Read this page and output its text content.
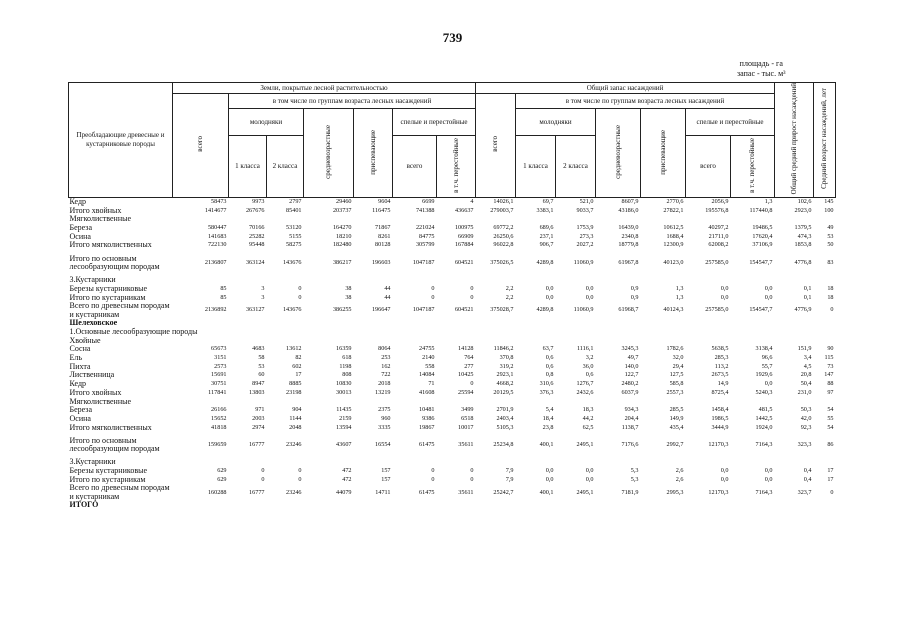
739
площадь - га
запас - тыс. м³
Преобладающие древесные и кустарниковые породы	Земли, покрытые лесной растительностью							Общий запас насаждений							Общий средний прирост насаждений	Средний возраст насаждений, лет
	всего	в том числе по группам возраста лесных насаждений						всего	в том числе по группам возраста лесных насаждений							
		молодняки		средневозрастные	приспевающие	спелые и перестойные			молодняки		средневозрастные	приспевающие	спелые и перестойные			
		1 класса	2 класса			всего	в т.ч. перестойные		1 класса	2 класса			всего	в т.ч. перестойные		
Кедр	58473	9973	2797	29460	9604	6699	4	14026,1	69,7	521,0	8607,9	2770,6	2056,9	1,3	102,6	145
Итого хвойных	1414677	267676	85401	203737	116475	741388	436637	279003,7	3383,1	9033,7	43186,0	27822,1	195576,8	117440,8	2923,0	100
Мягколиственные																
Береза	580447	70166	53120	164270	71867	221024	100975	69772,2	689,6	1753,9	16439,0	10612,5	40297,2	19486,5	1379,5	49
Осина	141683	25282	5155	18210	8261	84775	66909	26250,6	237,1	273,3	2340,8	1688,4	21711,0	17620,4	474,3	53
Итого мягколиственных	722130	95448	58275	182480	80128	305799	167884	96022,8	906,7	2027,2	18779,8	12300,9	62008,2	37106,9	1853,8	50
Итого по основным лесообразующим породам	2136807	363124	143676	386217	196603	1047187	604521	375026,5	4289,8	11060,9	61967,8	40123,0	257585,0	154547,7	4776,8	83
3.Кустарники																
Березы кустарниковые	85	3	0	38	44	0	0	2,2	0,0	0,0	0,9	1,3	0,0	0,0	0,1	18
Итого по кустарникам	85	3	0	38	44	0	0	2,2	0,0	0,0	0,9	1,3	0,0	0,0	0,1	18
Всего по древесным породам и кустарникам	2136892	363127	143676	386255	196647	1047187	604521	375028,7	4289,8	11060,9	61968,7	40124,3	257585,0	154547,7	4776,9	0
Шелеховское																
1.Основные лесообразующие породы																
Хвойные																
Сосна	65673	4683	13612	16359	8064	24755	14128	11846,2	63,7	1116,1	3245,3	1782,6	5638,5	3138,4	151,9	90
Ель	3151	58	82	618	253	2140	764	370,8	0,6	3,2	49,7	32,0	285,3	96,6	3,4	115
Пихта	2573	53	602	1198	162	558	277	319,2	0,6	36,0	140,0	29,4	113,2	55,7	4,5	73
Лиственница	15691	60	17	808	722	14084	10425	2923,1	0,8	0,6	122,7	127,5	2673,5	1929,6	20,8	147
Кедр	30751	8947	8885	10830	2018	71	0	4668,2	310,6	1276,7	2480,2	585,8	14,9	0,0	50,4	88
Итого хвойных	117841	13803	23198	30013	13219	41608	25594	20129,5	376,3	2432,6	6037,9	2557,3	8725,4	5240,3	231,0	97
Мягколиственные																
Береза	26166	971	904	11435	2375	10481	3499	2701,9	5,4	18,3	934,3	285,5	1458,4	481,5	50,3	54
Осина	15652	2003	1144	2159	960	9386	6518	2403,4	18,4	44,2	204,4	149,9	1986,5	1442,5	42,0	55
Итого мягколиственных	41818	2974	2048	13594	3335	19867	10017	5105,3	23,8	62,5	1138,7	435,4	3444,9	1924,0	92,3	54
Итого по основным лесообразующим породам	159659	16777	23246	43607	16554	61475	35611	25234,8	400,1	2495,1	7176,6	2992,7	12170,3	7164,3	323,3	86
3.Кустарники																
Березы кустарниковые	629	0	0	472	157	0	0	7,9	0,0	0,0	5,3	2,6	0,0	0,0	0,4	17
Итого по кустарникам	629	0	0	472	157	0	0	7,9	0,0	0,0	5,3	2,6	0,0	0,0	0,4	17
Всего по древесным породам и кустарникам	160288	16777	23246	44079	14711	61475	35611	25242,7	400,1	2495,1	7181,9	2995,3	12170,3	7164,3	323,7	0
ИТОГО																
